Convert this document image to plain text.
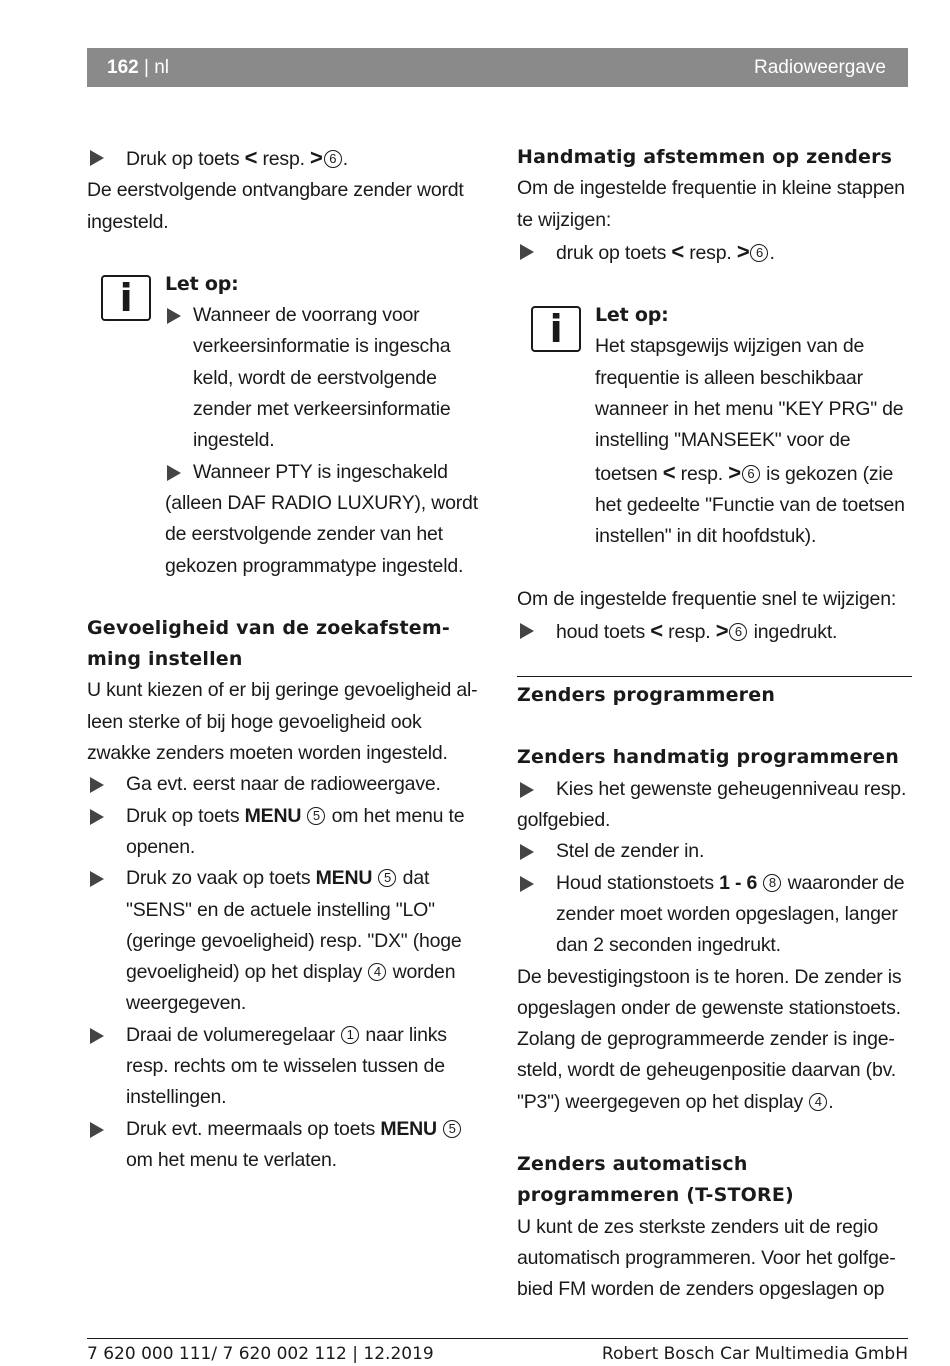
162 | nl	Radioweergave

Druk op toets < resp. > 6 .

De eerstvolgende ontvangbare zender wordt ingesteld.

i	Let op:

Wanneer de voorrang voor verkeersinformatie is ingescha keld, wordt de eerstvolgende zender met verkeersinformatie ingesteld.

Wanneer PTY is ingeschakeld (alleen DAF RADIO LUXURY), wordt de eerstvolgende zender van het gekozen programmatype ingesteld.

Gevoeligheid van de zoekafstemming instellen

U kunt kiezen of er bij geringe gevoeligheid alleen sterke of bij hoge gevoeligheid ook zwakke zenders moeten worden ingesteld.

Ga evt. eerst naar de radioweergave.

Druk op toets MENU 5 om het menu te openen.

Druk zo vaak op toets MENU 5 dat "SENS" en de actuele instelling "LO" (geringe gevoeligheid) resp. "DX" (hoge gevoeligheid) op het display 4 worden weergegeven.

Draai de volumeregelaar 1 naar links resp. rechts om te wisselen tussen de instellingen.

Druk evt. meermaals op toets MENU 5 om het menu te verlaten.

Handmatig afstemmen op zenders

Om de ingestelde frequentie in kleine stappen te wijzigen:

druk op toets < resp. > 6 .

i	Let op:

Het stapsgewijs wijzigen van de frequentie is alleen beschikbaar wanneer in het menu "KEY PRG" de instelling "MANSEEK" voor de toetsen < resp. > 6 is gekozen (zie het gedeelte "Functie van de toetsen instellen" in dit hoofdstuk).

Om de ingestelde frequentie snel te wijzigen:

houd toets < resp. > 6 ingedrukt.

Zenders programmeren
Zenders handmatig programmeren

Kies het gewenste geheugenniveau resp. golfgebied.

Stel de zender in.

Houd stationstoets 1 - 6 8 waaronder de zender moet worden opgeslagen, langer dan 2 seconden ingedrukt.

De bevestigingstoon is te horen. De zender is opgeslagen onder de gewenste stationstoets. Zolang de geprogrammeerde zender is ingesteld, wordt de geheugenpositie daarvan (bv. "P3") weergegeven op het display 4 .

Zenders automatisch programmeren (T-STORE)

U kunt de zes sterkste zenders uit de regio automatisch programmeren. Voor het golfgebied FM worden de zenders opgeslagen op

7 620 000 111/ 7 620 002 112 | 12.2019	Robert Bosch Car Multimedia GmbH
